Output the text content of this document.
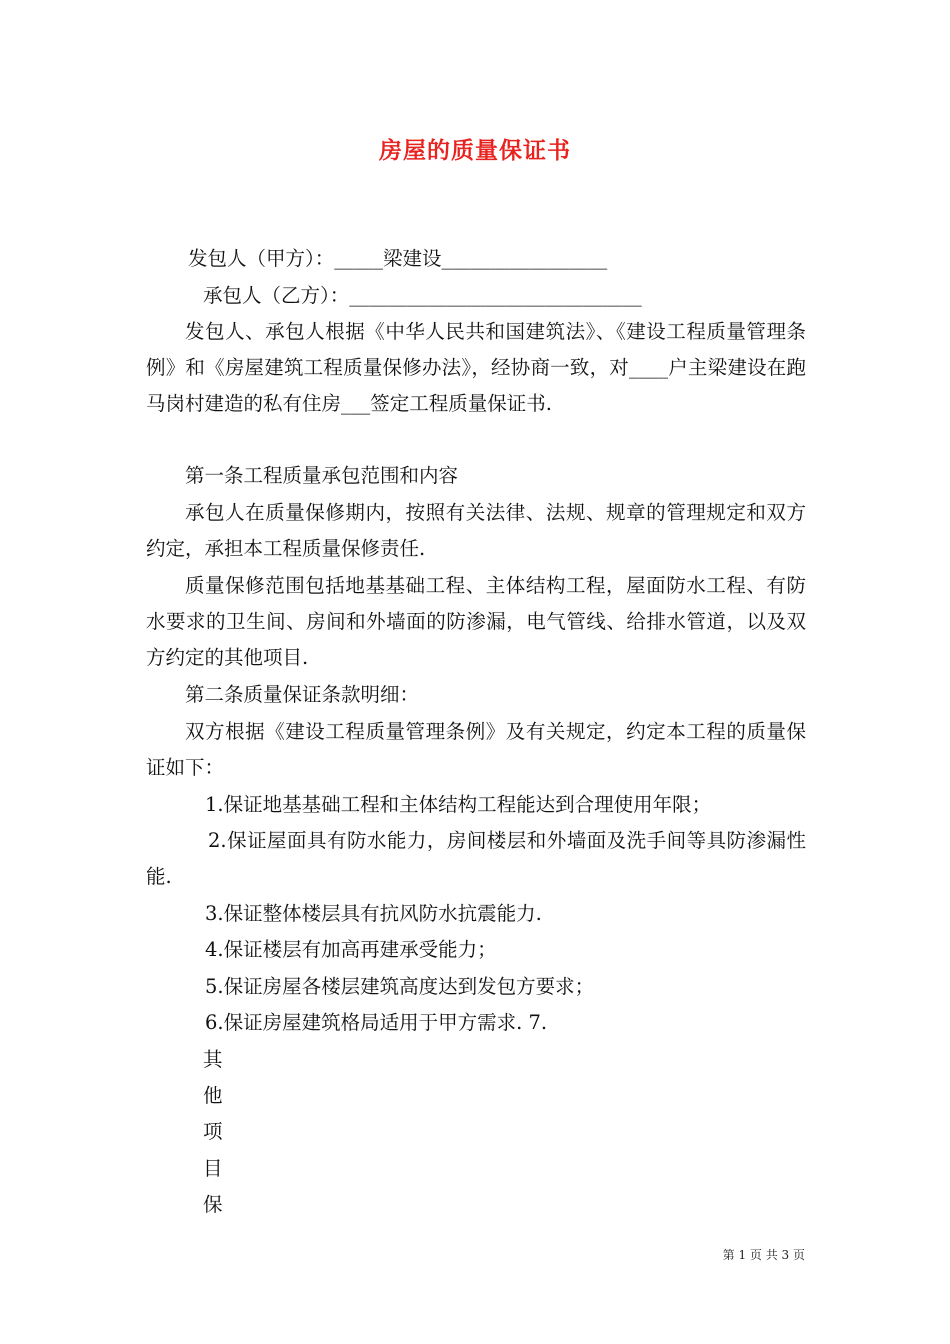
房屋的质量保证书
发包人（甲方）：_____梁建设_________________
承包人（乙方）：______________________________

发包人、承包人根据《中华人民共和国建筑法》、《建设工程质量管理条例》和《房屋建筑工程质量保修办法》，经协商一致，对____户主梁建设在跑马岗村建造的私有住房___签定工程质量保证书.

第一条工程质量承包范围和内容

承包人在质量保修期内，按照有关法律、法规、规章的管理规定和双方约定，承担本工程质量保修责任.

质量保修范围包括地基基础工程、主体结构工程，屋面防水工程、有防水要求的卫生间、房间和外墙面的防渗漏，电气管线、给排水管道，以及双方约定的其他项目.

第二条质量保证条款明细：

双方根据《建设工程质量管理条例》及有关规定，约定本工程的质量保证如下：

1.保证地基基础工程和主体结构工程能达到合理使用年限；

2.保证屋面具有防水能力，房间楼层和外墙面及洗手间等具防渗漏性能.

3.保证整体楼层具有抗风防水抗震能力.
4.保证楼层有加高再建承受能力；
5.保证房屋各楼层建筑高度达到发包方要求；
6.保证房屋建筑格局适用于甲方需求. 7.
其
他
项
目
保
第 1 页 共 3 页
